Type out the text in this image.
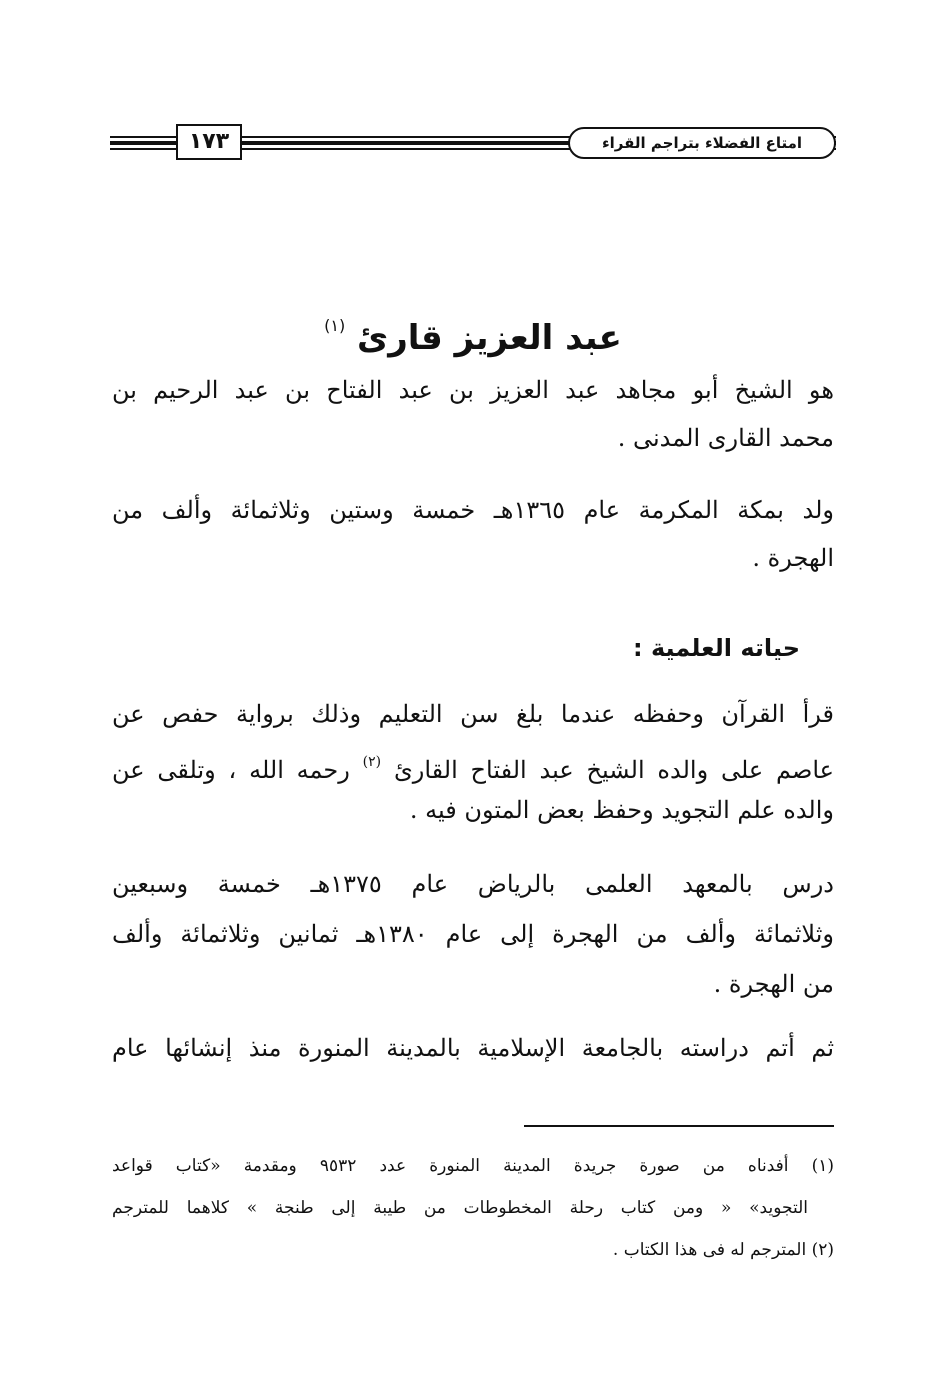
امتاع الفضلاء بتراجم القراء
١٧٣
عبد العزيز قارئ $^{(١)}$
هو الشيخ أبو مجاهد عبد العزيز بن عبد الفتاح بن عبد الرحيم بن
محمد القارى المدنى .
ولد بمكة المكرمة عام ١٣٦٥هـ خمسة وستين وثلاثمائة وألف من
الهجرة .
حياته العلمية :
قرأ القرآن وحفظه عندما بلغ سن التعليم وذلك برواية حفص عن
عاصم على والده الشيخ عبد الفتاح القارئ $^{(٢)}$ رحمه الله ، وتلقى عن
والده علم التجويد وحفظ بعض المتون فيه .
درس بالمعهد العلمى بالرياض عام ١٣٧٥هـ خمسة وسبعين
وثلاثمائة وألف من الهجرة إلى عام ١٣٨٠هـ ثمانين وثلاثمائة وألف
من الهجرة .
ثم أتم دراسته بالجامعة الإسلامية بالمدينة المنورة منذ إنشائها عام
(١) أفدناه من صورة جريدة المدينة المنورة عدد ٩٥٣٢ ومقدمة «كتاب قواعد
التجويد» « ومن كتاب رحلة المخطوطات من طيبة إلى طنجة » كلاهما للمترجم
(٢) المترجم له فى هذا الكتاب .
